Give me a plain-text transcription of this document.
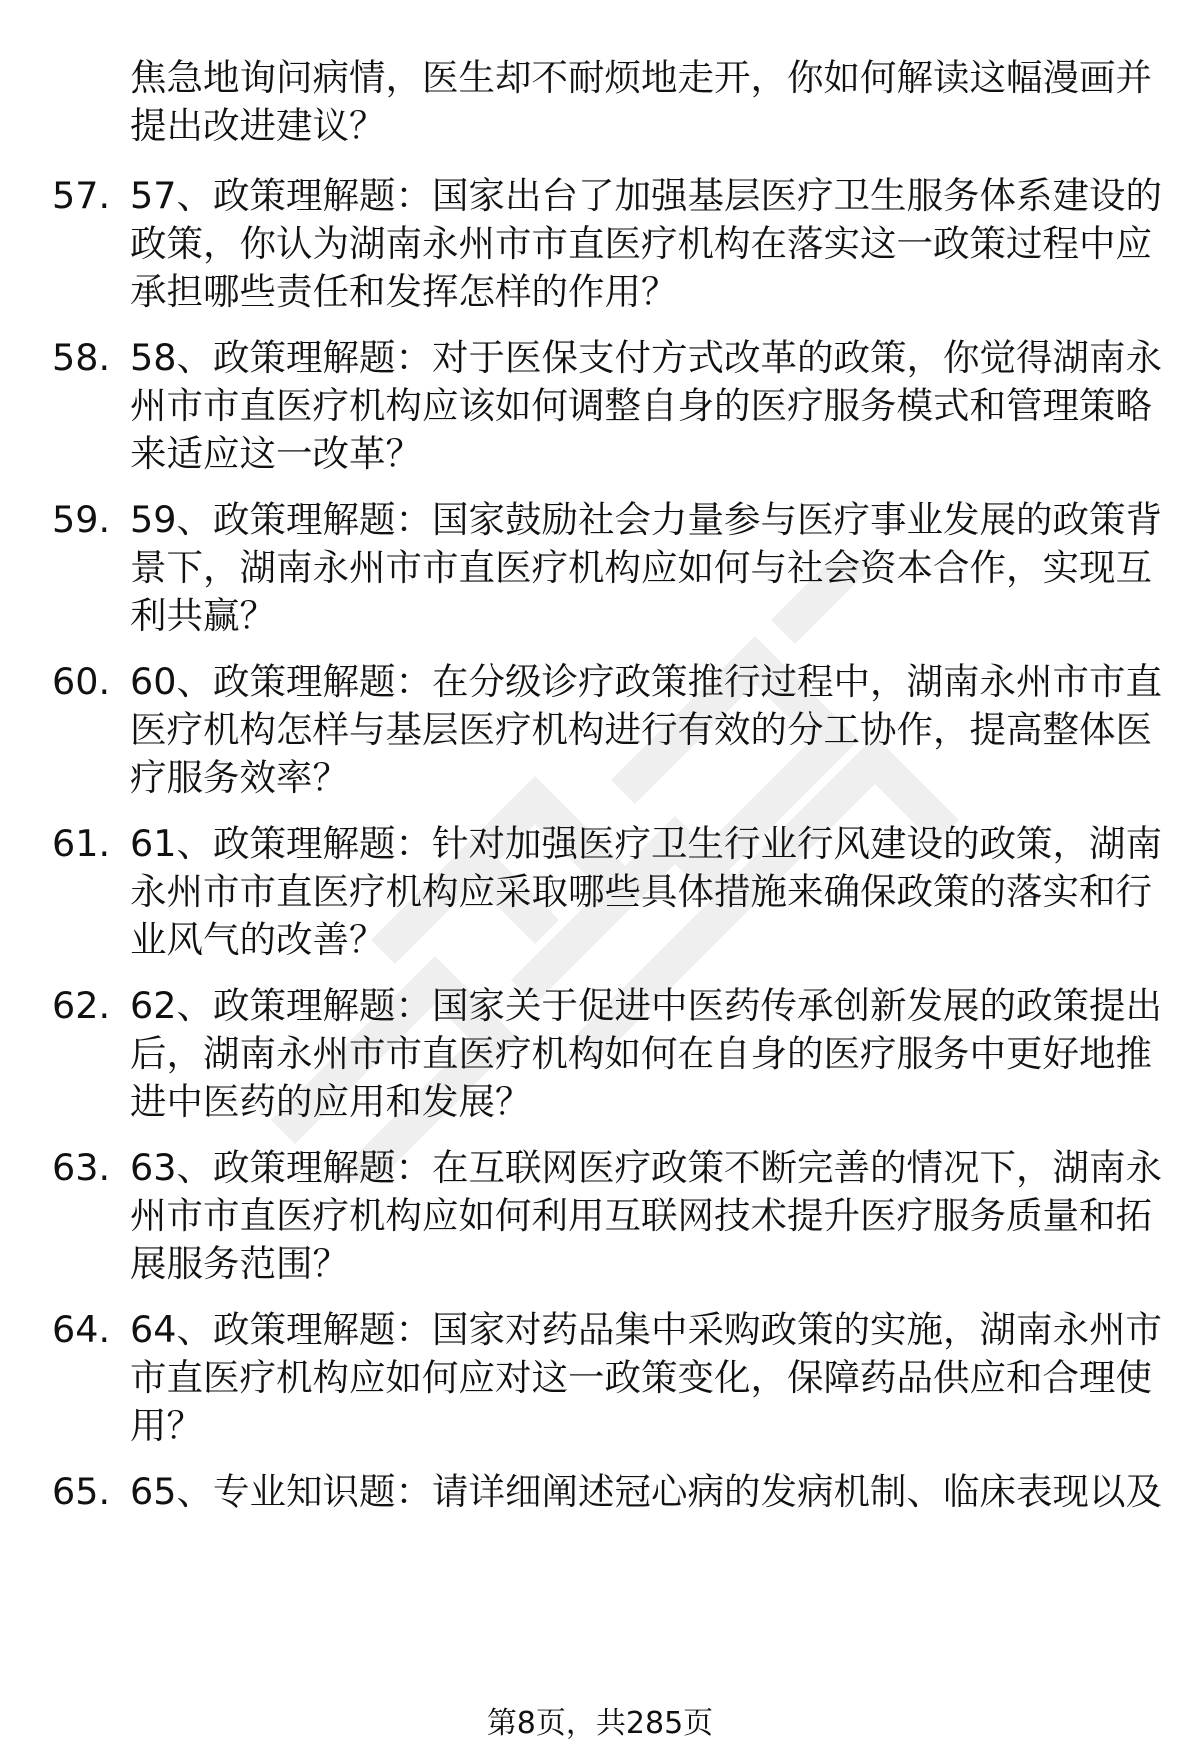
焦急地询问病情，医生却不耐烦地走开，你如何解读这幅漫画并
提出改进建议？
57. 57、政策理解题：国家出台了加强基层医疗卫生服务体系建设的
政策，你认为湖南永州市市直医疗机构在落实这一政策过程中应
承担哪些责任和发挥怎样的作用？
58. 58、政策理解题：对于医保支付方式改革的政策，你觉得湖南永
州市市直医疗机构应该如何调整自身的医疗服务模式和管理策略
来适应这一改革？
59. 59、政策理解题：国家鼓励社会力量参与医疗事业发展的政策背
景下，湖南永州市市直医疗机构应如何与社会资本合作，实现互
利共赢？
60. 60、政策理解题：在分级诊疗政策推行过程中，湖南永州市市直
医疗机构怎样与基层医疗机构进行有效的分工协作，提高整体医
疗服务效率？
61. 61、政策理解题：针对加强医疗卫生行业行风建设的政策，湖南
永州市市直医疗机构应采取哪些具体措施来确保政策的落实和行
业风气的改善？
62. 62、政策理解题：国家关于促进中医药传承创新发展的政策提出
后，湖南永州市市直医疗机构如何在自身的医疗服务中更好地推
进中医药的应用和发展？
63. 63、政策理解题：在互联网医疗政策不断完善的情况下，湖南永
州市市直医疗机构应如何利用互联网技术提升医疗服务质量和拓
展服务范围？
64. 64、政策理解题：国家对药品集中采购政策的实施，湖南永州市
市直医疗机构应如何应对这一政策变化，保障药品供应和合理使
用？
65. 65、专业知识题：请详细阐述冠心病的发病机制、临床表现以及
第8页，共285页
